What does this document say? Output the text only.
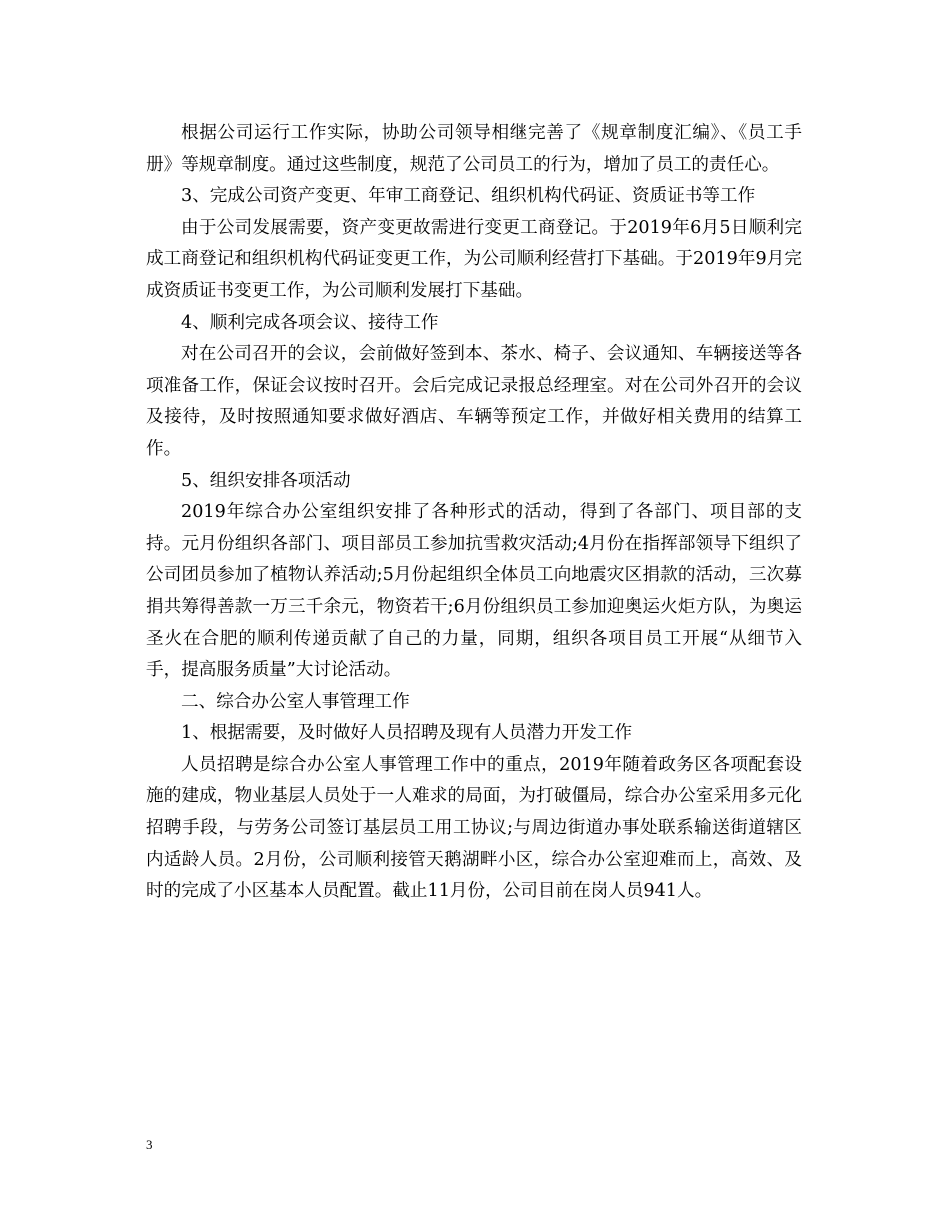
根据公司运行工作实际，协助公司领导相继完善了《规章制度汇编》、《员工手册》等规章制度。通过这些制度，规范了公司员工的行为，增加了员工的责任心。

3、完成公司资产变更、年审工商登记、组织机构代码证、资质证书等工作

由于公司发展需要，资产变更故需进行变更工商登记。于2019年6月5日顺利完成工商登记和组织机构代码证变更工作，为公司顺利经营打下基础。于2019年9月完成资质证书变更工作，为公司顺利发展打下基础。

4、顺利完成各项会议、接待工作

对在公司召开的会议，会前做好签到本、茶水、椅子、会议通知、车辆接送等各项准备工作，保证会议按时召开。会后完成记录报总经理室。对在公司外召开的会议及接待，及时按照通知要求做好酒店、车辆等预定工作，并做好相关费用的结算工作。

5、组织安排各项活动

2019年综合办公室组织安排了各种形式的活动，得到了各部门、项目部的支持。元月份组织各部门、项目部员工参加抗雪救灾活动;4月份在指挥部领导下组织了公司团员参加了植物认养活动;5月份起组织全体员工向地震灾区捐款的活动，三次募捐共筹得善款一万三千余元，物资若干;6月份组织员工参加迎奥运火炬方队，为奥运圣火在合肥的顺利传递贡献了自己的力量，同期，组织各项目员工开展“从细节入手，提高服务质量”大讨论活动。

二、综合办公室人事管理工作

1、根据需要，及时做好人员招聘及现有人员潜力开发工作

人员招聘是综合办公室人事管理工作中的重点，2019年随着政务区各项配套设施的建成，物业基层人员处于一人难求的局面，为打破僵局，综合办公室采用多元化招聘手段，与劳务公司签订基层员工用工协议;与周边街道办事处联系输送街道辖区内适龄人员。2月份，公司顺利接管天鹅湖畔小区，综合办公室迎难而上，高效、及时的完成了小区基本人员配置。截止11月份，公司目前在岗人员941人。

3
